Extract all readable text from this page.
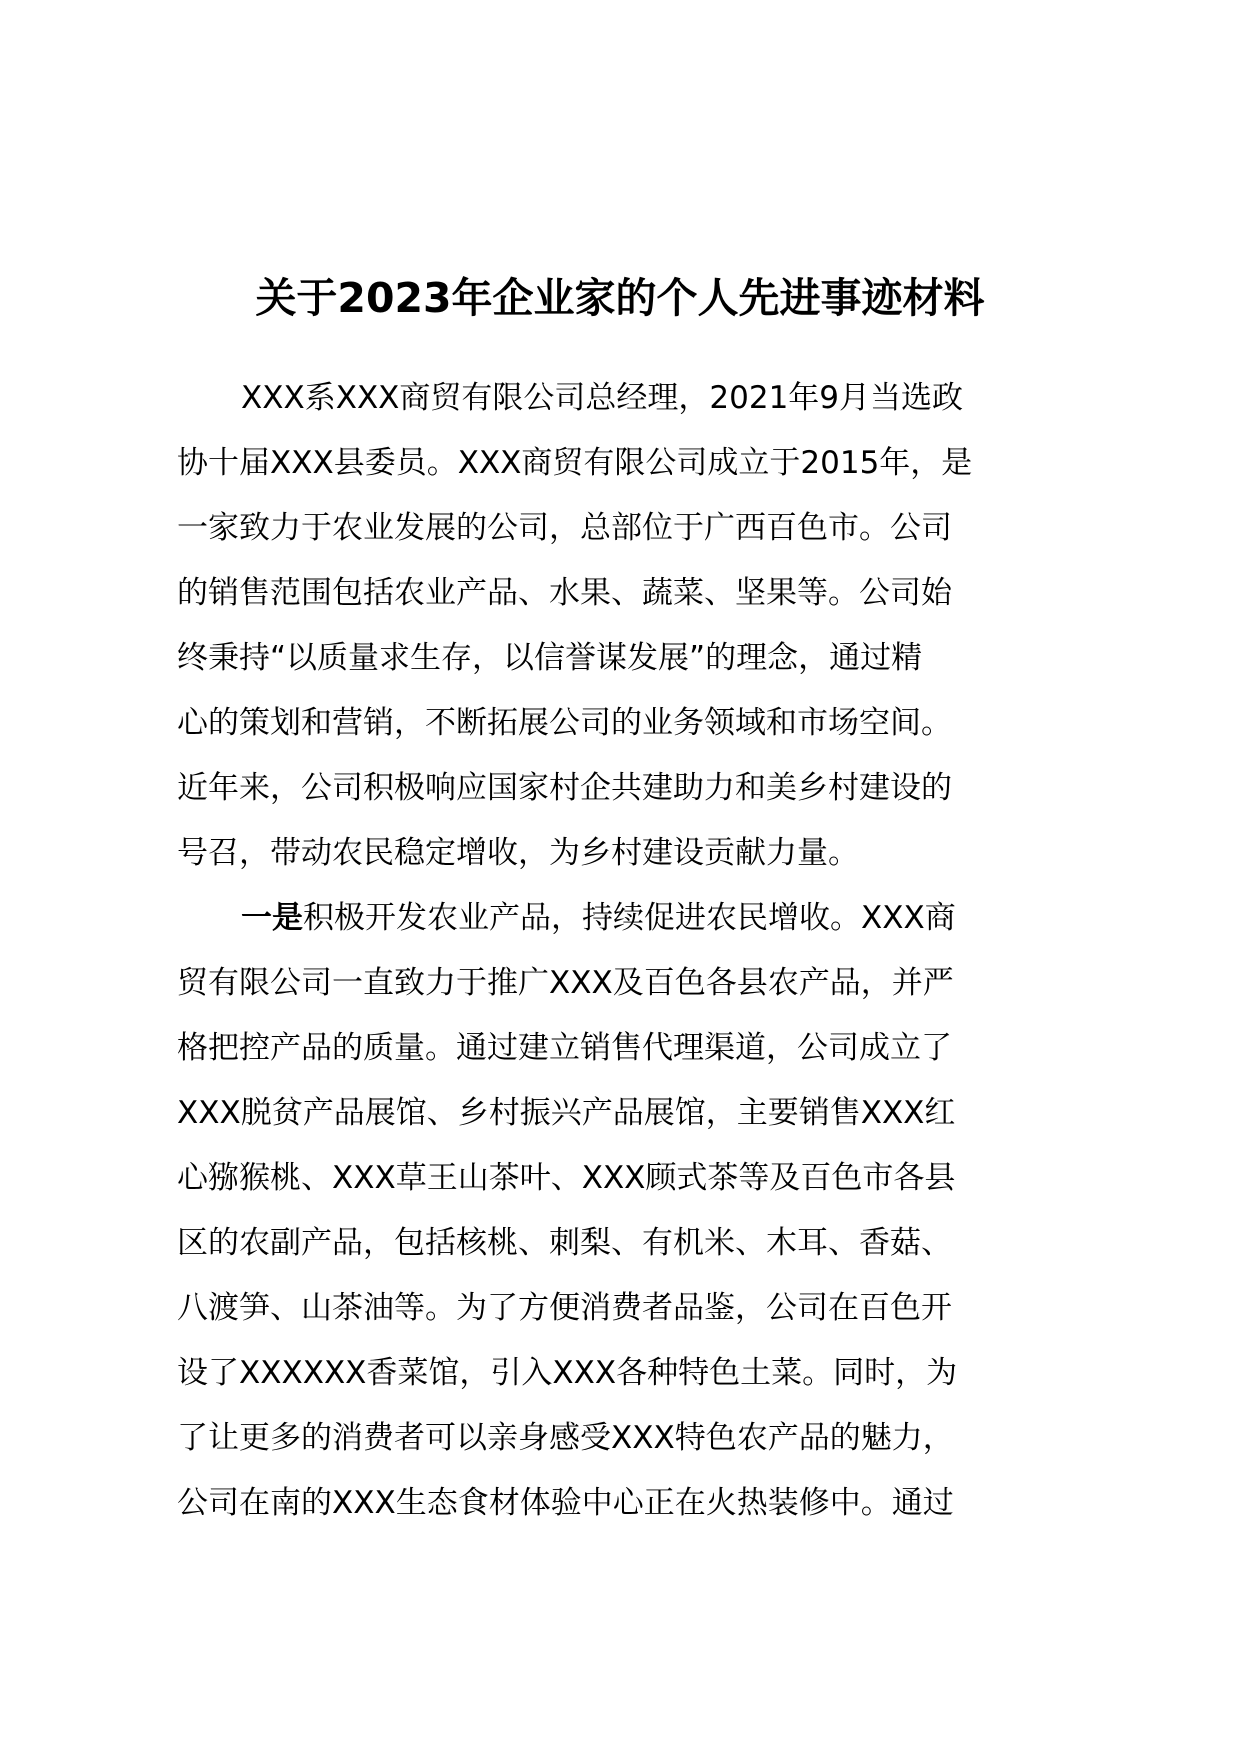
关于2023年企业家的个人先进事迹材料
XXX系XXX商贸有限公司总经理，2021年9月当选政
协十届XXX县委员。XXX商贸有限公司成立于2015年，是
一家致力于农业发展的公司，总部位于广西百色市。公司
的销售范围包括农业产品、水果、蔬菜、坚果等。公司始
终秉持“以质量求生存，以信誉谋发展”的理念，通过精
心的策划和营销，不断拓展公司的业务领域和市场空间。
近年来，公司积极响应国家村企共建助力和美乡村建设的
号召，带动农民稳定增收，为乡村建设贡献力量。
一是积极开发农业产品，持续促进农民增收。XXX商
贸有限公司一直致力于推广XXX及百色各县农产品，并严
格把控产品的质量。通过建立销售代理渠道，公司成立了
XXX脱贫产品展馆、乡村振兴产品展馆，主要销售XXX红
心猕猴桃、XXX草王山茶叶、XXX顾式茶等及百色市各县
区的农副产品，包括核桃、刺梨、有机米、木耳、香菇、
八渡笋、山茶油等。为了方便消费者品鉴，公司在百色开
设了XXXXXX香菜馆，引入XXX各种特色土菜。同时，为
了让更多的消费者可以亲身感受XXX特色农产品的魅力，
公司在南的XXX生态食材体验中心正在火热装修中。通过
